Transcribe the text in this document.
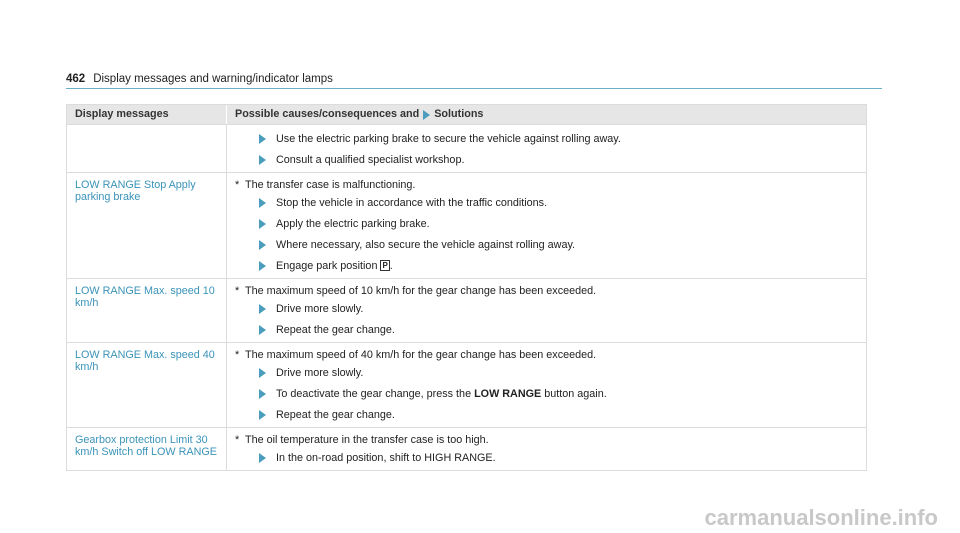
462 Display messages and warning/indicator lamps
Display messages	Possible causes/consequences and Solutions
Use the electric parking brake to secure the vehicle against rolling away.
Consult a qualified specialist workshop.
LOW RANGE Stop Apply parking brake
* The transfer case is malfunctioning.
Stop the vehicle in accordance with the traffic conditions.
Apply the electric parking brake.
Where necessary, also secure the vehicle against rolling away.
Engage park position
P .
LOW RANGE Max. speed 10 km/h
* The maximum speed of 10 km/h for the gear change has been exceeded.
Drive more slowly.
Repeat the gear change.
LOW RANGE Max. speed 40 km/h
* The maximum speed of 40 km/h for the gear change has been exceeded.
Drive more slowly.
To deactivate the gear change, press the
LOW RANGE
button again.
Repeat the gear change.
Gearbox protection Limit 30 km/h Switch off LOW RANGE
* The oil temperature in the transfer case is too high.
In the on-road position, shift to HIGH RANGE.
carmanualsonline.info
